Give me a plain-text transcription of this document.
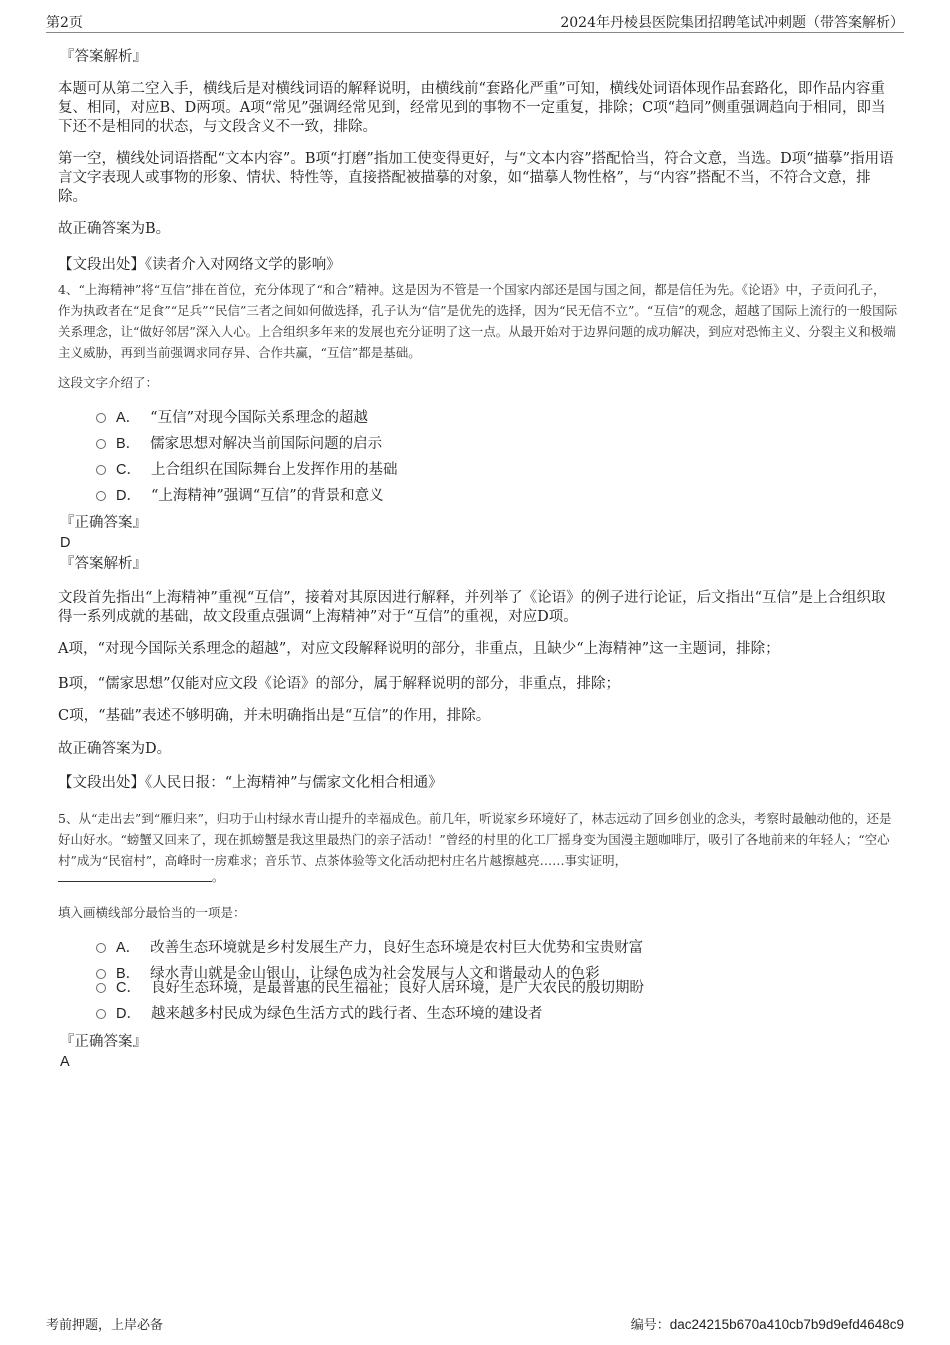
第2页	2024年丹棱县医院集团招聘笔试冲刺题（带答案解析）
『答案解析』
本题可从第二空入手，横线后是对横线词语的解释说明，由横线前“套路化严重”可知，横线处词语体现作品套路化，即作品内容重复、相同，对应B、D两项。A项“常见”强调经常见到，经常见到的事物不一定重复，排除；C项“趋同”侧重强调趋向于相同，即当下还不是相同的状态，与文段含义不一致，排除。
第一空，横线处词语搭配“文本内容”。B项“打磨”指加工使变得更好，与“文本内容”搭配恰当，符合文意，当选。D项“描摹”指用语言文字表现人或事物的形象、情状、特性等，直接搭配被描摹的对象，如“描摹人物性格”，与“内容”搭配不当，不符合文意，排除。
故正确答案为B。
【文段出处】《读者介入对网络文学的影响》
4、“上海精神”将“互信”排在首位，充分体现了“和合”精神。这是因为不管是一个国家内部还是国与国之间，都是信任为先。《论语》中，子贡问孔子，作为执政者在“足食”“足兵”“民信”三者之间如何做选择，孔子认为“信”是优先的选择，因为“民无信不立”。“互信”的观念，超越了国际上流行的一般国际关系理念，让“做好邻居”深入人心。上合组织多年来的发展也充分证明了这一点。从最开始对于边界问题的成功解决，到应对恐怖主义、分裂主义和极端主义威胁，再到当前强调求同存异、合作共赢，“互信”都是基础。
这段文字介绍了：
A． “互信”对现今国际关系理念的超越
B． 儒家思想对解决当前国际问题的启示
C． 上合组织在国际舞台上发挥作用的基础
D． “上海精神”强调“互信”的背景和意义
『正确答案』
D
『答案解析』
文段首先指出“上海精神”重视“互信”，接着对其原因进行解释，并列举了《论语》的例子进行论证，后文指出“互信”是上合组织取得一系列成就的基础，故文段重点强调“上海精神”对于“互信”的重视，对应D项。
A项，“对现今国际关系理念的超越”，对应文段解释说明的部分，非重点，且缺少“上海精神”这一主题词，排除；
B项，“儒家思想”仅能对应文段《论语》的部分，属于解释说明的部分，非重点，排除；
C项，“基础”表述不够明确，并未明确指出是“互信”的作用，排除。
故正确答案为D。
【文段出处】《人民日报：“上海精神”与儒家文化相合相通》
5、从“走出去”到“雁归来”，归功于山村绿水青山提升的幸福成色。前几年，听说家乡环境好了，林志远动了回乡创业的念头，考察时最触动他的，还是好山好水。“螃蟹又回来了，现在抓螃蟹是我这里最热门的亲子活动！”曾经的村里的化工厂摇身变为国漫主题咖啡厅，吸引了各地前来的年轻人；“空心村”成为“民宿村”，高峰时一房难求；音乐节、点茶体验等文化活动把村庄名片越擦越亮……事实证明，
。
填入画横线部分最恰当的一项是：
A． 改善生态环境就是乡村发展生产力，良好生态环境是农村巨大优势和宝贵财富
B． 绿水青山就是金山银山，让绿色成为社会发展与人文和谐最动人的色彩
C． 良好生态环境，是最普惠的民生福祉；良好人居环境，是广大农民的殷切期盼
D． 越来越多村民成为绿色生活方式的践行者、生态环境的建设者
『正确答案』
A
考前押题，上岸必备	编号：dac24215b670a410cb7b9d9efd4648c9
